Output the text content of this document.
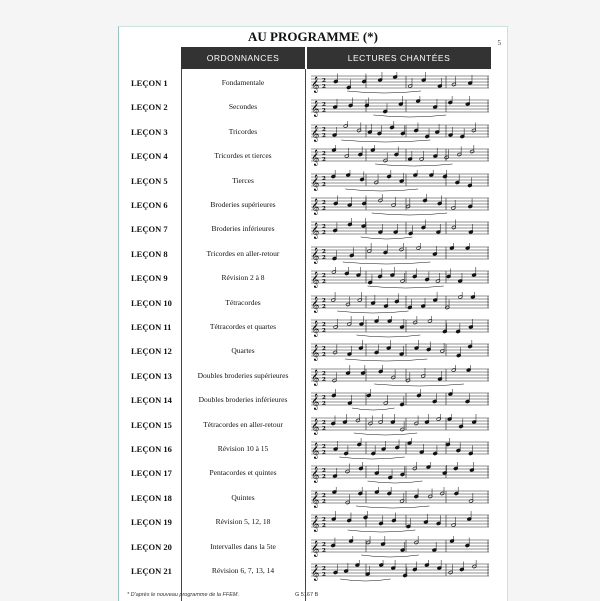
AU PROGRAMME (*)	5
ORDONNANCES	LECTURES CHANTÉES
LEÇON 1	Fondamentale	𝄞 2
2
LEÇON 2	Secondes	𝄞 2
2
LEÇON 3	Tricordes	𝄞 2
2
LEÇON 4	Tricordes et tierces	𝄞 2
2
LEÇON 5	Tierces	𝄞 2
2
LEÇON 6	Broderies supérieures	𝄞 2
2
LEÇON 7	Broderies inférieures	𝄞 2
2
LEÇON 8	Tricordes en aller-retour	𝄞 2
2
LEÇON 9	Révision 2 à 8	𝄞 2
2
LEÇON 10	Tétracordes	𝄞 2
2
LEÇON 11	Tétracordes et quartes	𝄞 2
2
LEÇON 12	Quartes	𝄞 2
2
LEÇON 13	Doubles broderies supérieures	𝄞 2
2
LEÇON 14	Doubles broderies inférieures	𝄞 2
2
LEÇON 15	Tétracordes en aller-retour	𝄞 2
2
LEÇON 16	Révision 10 à 15	𝄞 2
2
LEÇON 17	Pentacordes et quintes	𝄞 2
2
LEÇON 18	Quintes	𝄞 2
2
LEÇON 19	Révision 5, 12, 18	𝄞 2
2
LEÇON 20	Intervalles dans la 5te	𝄞 2
2
LEÇON 21	Révision 6, 7, 13, 14	𝄞 2
2
* D'après le nouveau programme de la FFEM.	G 5167 B
